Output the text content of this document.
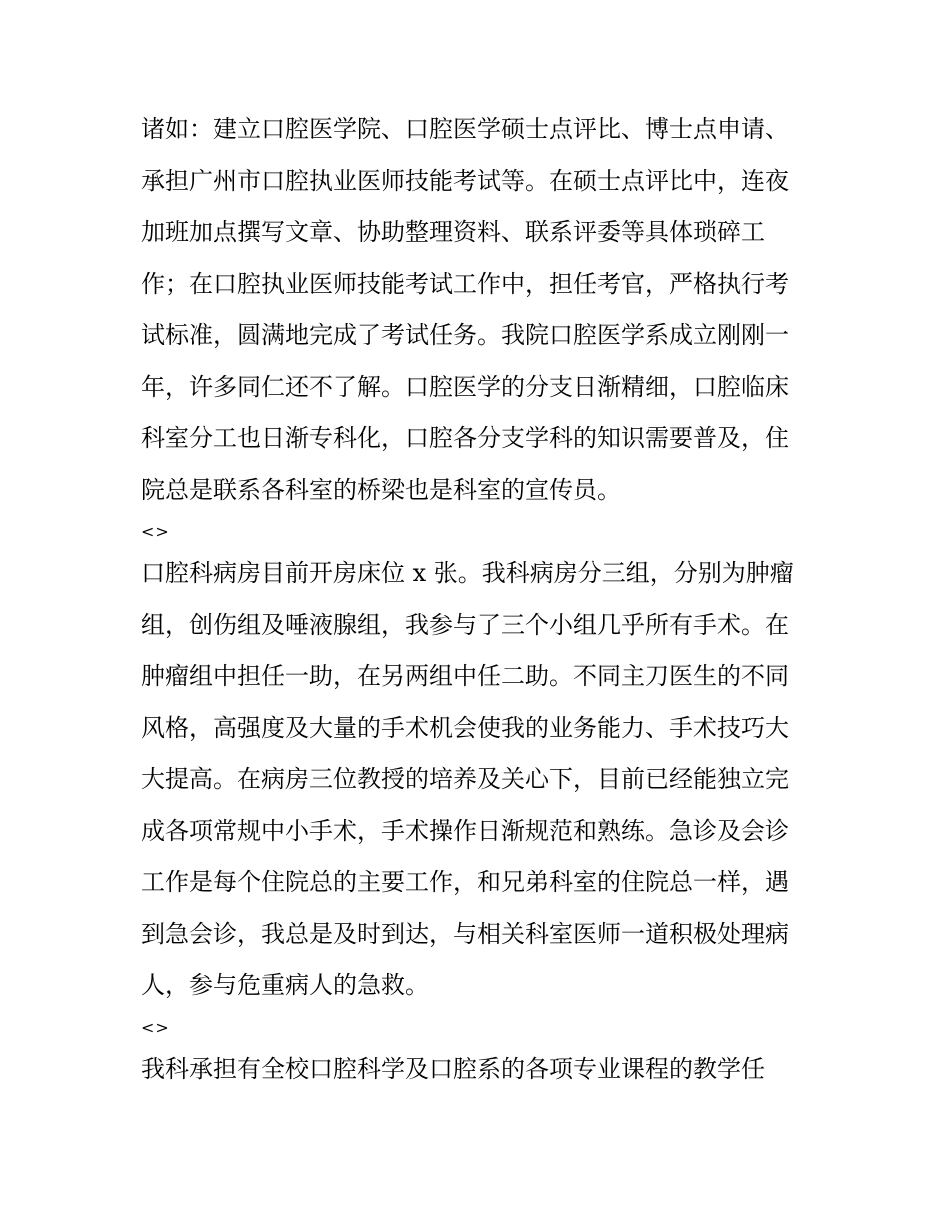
诸如：建立口腔医学院、口腔医学硕士点评比、博士点申请、
承担广州市口腔执业医师技能考试等。在硕士点评比中，连夜
加班加点撰写文章、协助整理资料、联系评委等具体琐碎工
作；在口腔执业医师技能考试工作中，担任考官，严格执行考
试标准，圆满地完成了考试任务。我院口腔医学系成立刚刚一
年，许多同仁还不了解。口腔医学的分支日渐精细，口腔临床
科室分工也日渐专科化，口腔各分支学科的知识需要普及，住
院总是联系各科室的桥梁也是科室的宣传员。
<>
口腔科病房目前开房床位 x 张。我科病房分三组，分别为肿瘤
组，创伤组及唾液腺组，我参与了三个小组几乎所有手术。在
肿瘤组中担任一助，在另两组中任二助。不同主刀医生的不同
风格，高强度及大量的手术机会使我的业务能力、手术技巧大
大提高。在病房三位教授的培养及关心下，目前已经能独立完
成各项常规中小手术，手术操作日渐规范和熟练。急诊及会诊
工作是每个住院总的主要工作，和兄弟科室的住院总一样，遇
到急会诊，我总是及时到达，与相关科室医师一道积极处理病
人，参与危重病人的急救。
<>
我科承担有全校口腔科学及口腔系的各项专业课程的教学任
